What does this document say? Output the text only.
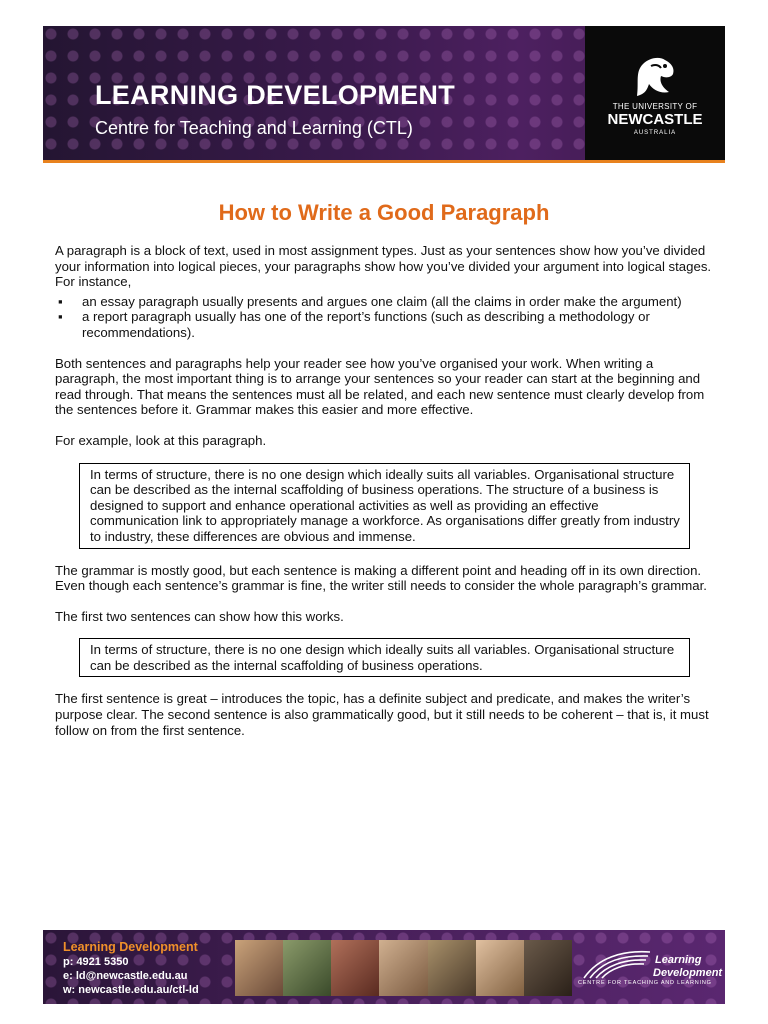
LEARNING DEVELOPMENT
Centre for Teaching and Learning (CTL)
THE UNIVERSITY OF
NEWCASTLE
AUSTRALIA
How to Write a Good Paragraph

A paragraph is a block of text, used in most assignment types. Just as your sentences show how you’ve divided your information into logical pieces, your paragraphs show how you’ve divided your argument into logical stages. For instance,

▪ an essay paragraph usually presents and argues one claim (all the claims in order make the argument)
▪ a report paragraph usually has one of the report’s functions (such as describing a methodology or recommendations).

Both sentences and paragraphs help your reader see how you’ve organised your work. When writing a paragraph, the most important thing is to arrange your sentences so your reader can start at the beginning and read through. That means the sentences must all be related, and each new sentence must clearly develop from the sentences before it. Grammar makes this easier and more effective.

For example, look at this paragraph.

In terms of structure, there is no one design which ideally suits all variables. Organisational structure can be described as the internal scaffolding of business operations. The structure of a business is designed to support and enhance operational activities as well as providing an effective communication link to appropriately manage a workforce. As organisations differ greatly from industry to industry, these differences are obvious and immense.

The grammar is mostly good, but each sentence is making a different point and heading off in its own direction. Even though each sentence’s grammar is fine, the writer still needs to consider the whole paragraph’s grammar.

The first two sentences can show how this works.

In terms of structure, there is no one design which ideally suits all variables. Organisational structure can be described as the internal scaffolding of business operations.

The first sentence is great – introduces the topic, has a definite subject and predicate, and makes the writer’s purpose clear. The second sentence is also grammatically good, but it still needs to be coherent – that is, it must follow on from the first sentence.

Learning Development
p: 4921 5350
e: ld@newcastle.edu.au
w: newcastle.edu.au/ctl-ld
Learning
Development
CENTRE FOR TEACHING AND LEARNING
